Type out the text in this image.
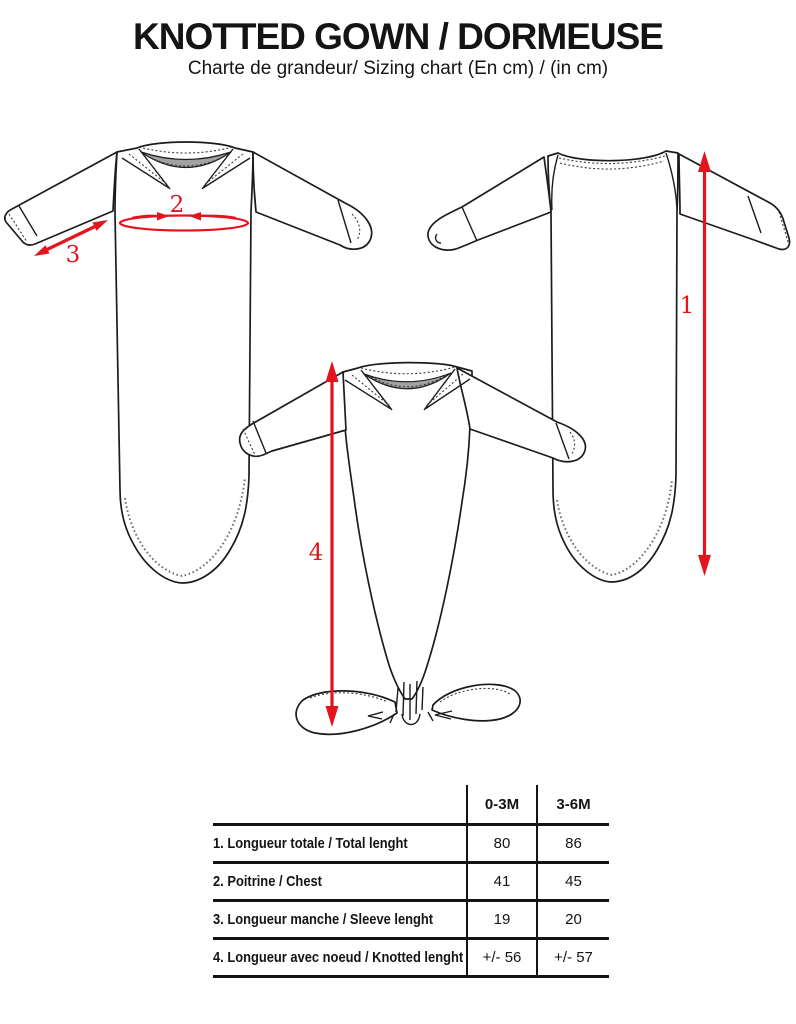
KNOTTED GOWN / DORMEUSE
Charte de grandeur/ Sizing chart (En cm) / (in cm)
1
2
3
4
	0-3M	3-6M
1. Longueur totale / Total lenght	80	86
2. Poitrine / Chest	41	45
3. Longueur manche / Sleeve lenght	19	20
4. Longueur avec noeud / Knotted lenght	+/- 56	+/- 57
